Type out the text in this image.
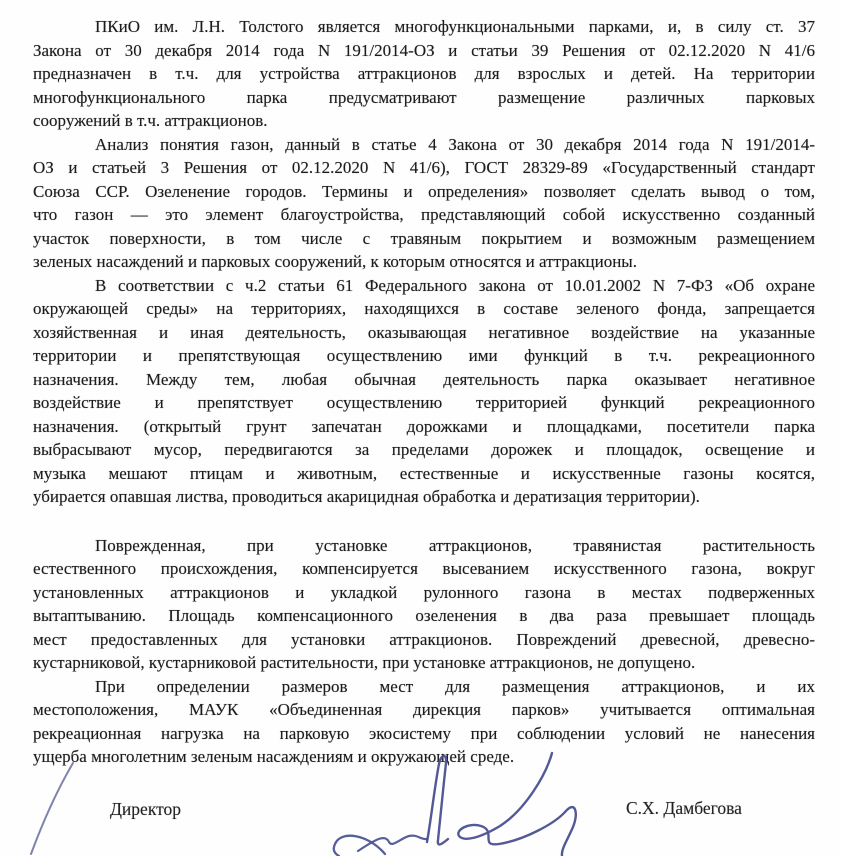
ПКиО им. Л.Н. Толстого является многофункциональными парками, и, в силу ст. 37
Закона от 30 декабря 2014 года N 191/2014-ОЗ и статьи 39 Решения от 02.12.2020 N 41/6
предназначен в т.ч. для устройства аттракционов для взрослых и детей. На территории
многофункционального парка предусматривают размещение различных парковых
сооружений в т.ч. аттракционов.
Анализ понятия газон, данный в статье 4 Закона от 30 декабря 2014 года N 191/2014-
ОЗ и статьей 3 Решения от 02.12.2020 N 41/6), ГОСТ 28329-89 «Государственный стандарт
Союза ССР. Озеленение городов. Термины и определения» позволяет сделать вывод о том,
что газон — это элемент благоустройства, представляющий собой искусственно созданный
участок поверхности, в том числе с травяным покрытием и возможным размещением
зеленых насаждений и парковых сооружений, к которым относятся и аттракционы.
В соответствии с ч.2 статьи 61 Федерального закона от 10.01.2002 N 7-ФЗ «Об охране
окружающей среды» на территориях, находящихся в составе зеленого фонда, запрещается
хозяйственная и иная деятельность, оказывающая негативное воздействие на указанные
территории и препятствующая осуществлению ими функций в т.ч. рекреационного
назначения. Между тем, любая обычная деятельность парка оказывает негативное
воздействие и препятствует осуществлению территорией функций рекреационного
назначения. (открытый грунт запечатан дорожками и площадками, посетители парка
выбрасывают мусор, передвигаются за пределами дорожек и площадок, освещение и
музыка мешают птицам и животным, естественные и искусственные газоны косятся,
убирается опавшая листва, проводиться акарицидная обработка и дератизация территории).
Поврежденная, при установке аттракционов, травянистая растительность
естественного происхождения, компенсируется высеванием искусственного газона, вокруг
установленных аттракционов и укладкой рулонного газона в местах подверженных
вытаптыванию. Площадь компенсационного озеленения в два раза превышает площадь
мест предоставленных для установки аттракционов. Повреждений древесной, древесно-
кустарниковой, кустарниковой растительности, при установке аттракционов, не допущено.
При определении размеров мест для размещения аттракционов, и их
местоположения, МАУК «Объединенная дирекция парков» учитывается оптимальная
рекреационная нагрузка на парковую экосистему при соблюдении условий не нанесения
ущерба многолетним зеленым насаждениям и окружающей среде.
Директор	С.Х. Дамбегова
